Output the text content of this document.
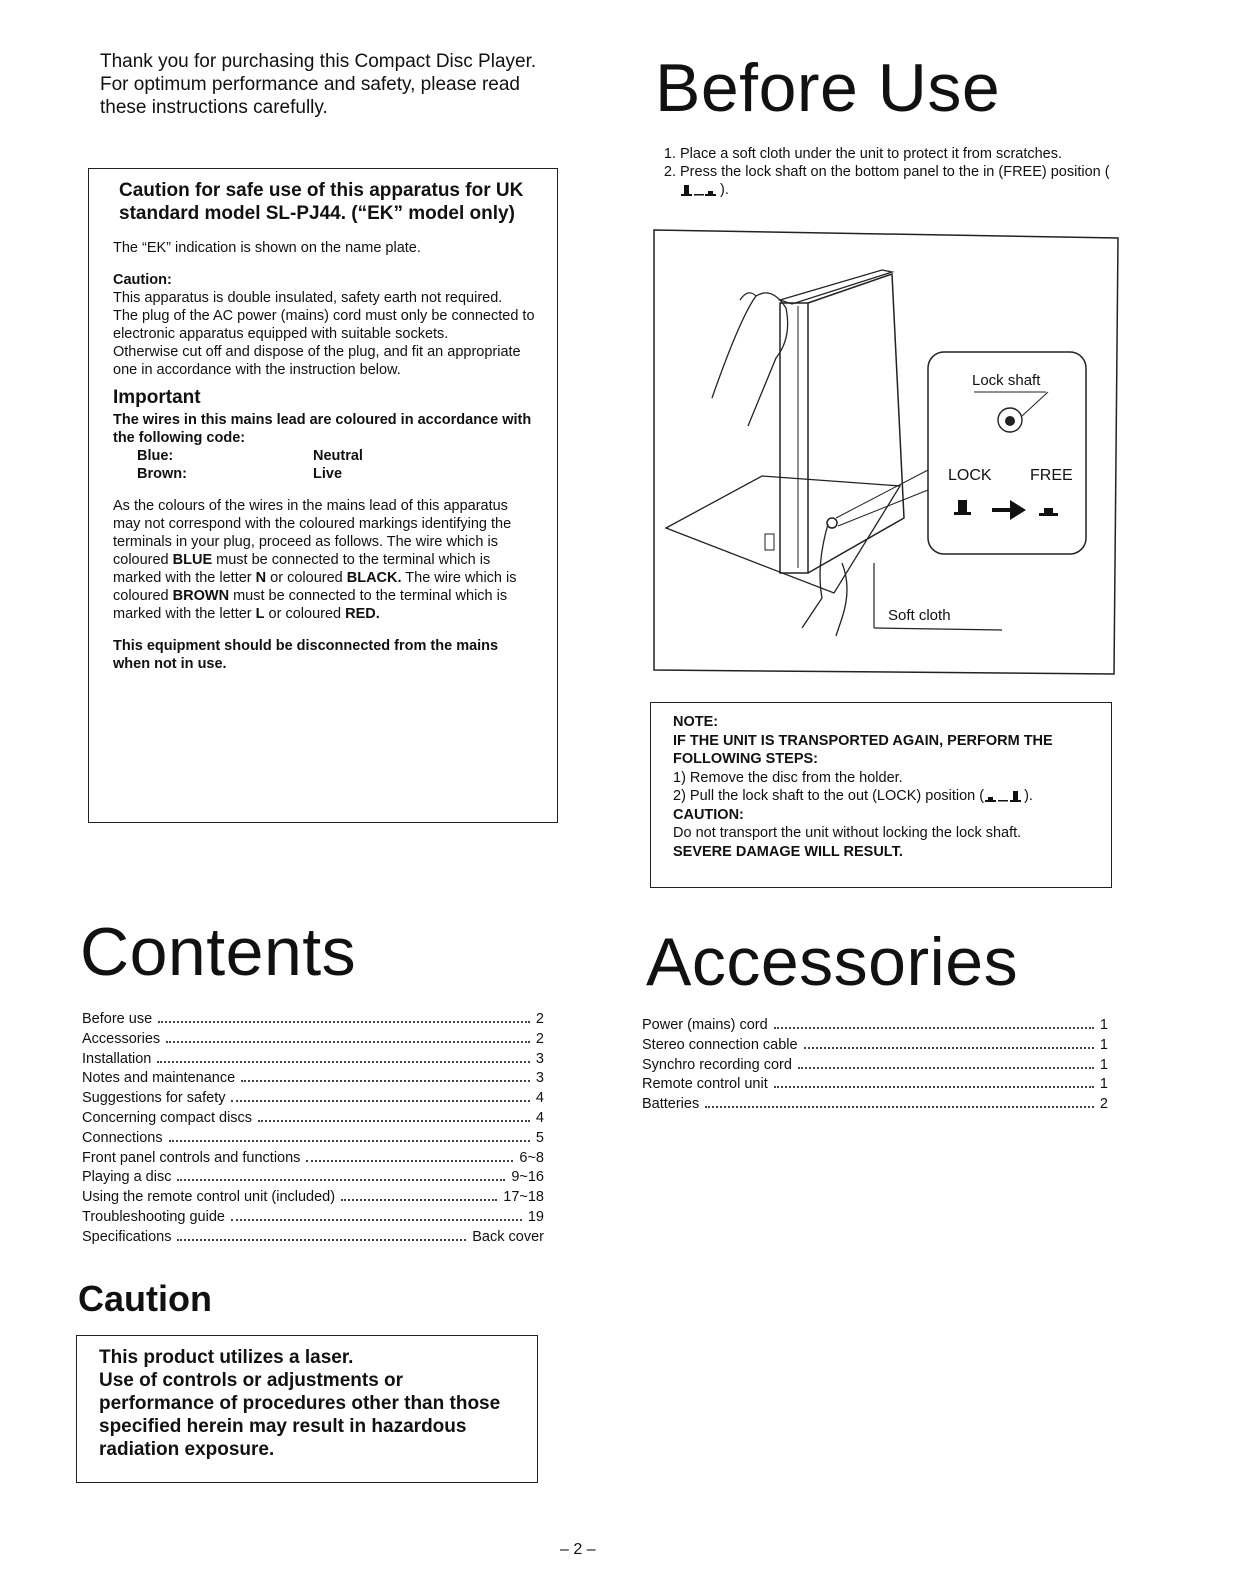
Thank you for purchasing this Compact Disc Player.
For optimum performance and safety, please read
these instructions carefully.

Caution for safe use of this apparatus for UK standard model SL-PJ44. (“EK” model only)

The “EK” indication is shown on the name plate.

Caution:

This apparatus is double insulated, safety earth not required.

The plug of the AC power (mains) cord must only be connected to electronic apparatus equipped with suitable sockets.

Otherwise cut off and dispose of the plug, and fit an appropriate one in accordance with the instruction below.

Important

The wires in this mains lead are coloured in accordance with the following code:

Blue:	Neutral
Brown:	Live

As the colours of the wires in the mains lead of this apparatus may not correspond with the coloured markings identifying the terminals in your plug, proceed as follows. The wire which is coloured BLUE must be connected to the terminal which is marked with the letter N or coloured BLACK. The wire which is coloured BROWN must be connected to the terminal which is marked with the letter L or coloured RED.

This equipment should be disconnected from the mains when not in use.

Before Use
1. Place a soft cloth under the unit to protect it from scratches.
2. Press the lock shaft on the bottom panel to the in (FREE) position ().
Lock shaft
LOCK FREE
Soft cloth

NOTE:

IF THE UNIT IS TRANSPORTED AGAIN, PERFORM THE FOLLOWING STEPS:

1) Remove the disc from the holder.

2) Pull the lock shaft to the out (LOCK) position (	).

CAUTION:

Do not transport the unit without locking the lock shaft.

SEVERE DAMAGE WILL RESULT.

Contents
Before use	2
Accessories	2
Installation	3
Notes and maintenance	3
Suggestions for safety	4
Concerning compact discs	4
Connections	5
Front panel controls and functions	6~8
Playing a disc	9~16
Using the remote control unit (included)	17~18
Troubleshooting guide	19
Specifications	Back cover
Accessories
Power (mains) cord	1
Stereo connection cable	1
Synchro recording cord	1
Remote control unit	1
Batteries	2
Caution

This product utilizes a laser.

Use of controls or adjustments or performance of procedures other than those specified herein may result in hazardous radiation exposure.

– 2 –
